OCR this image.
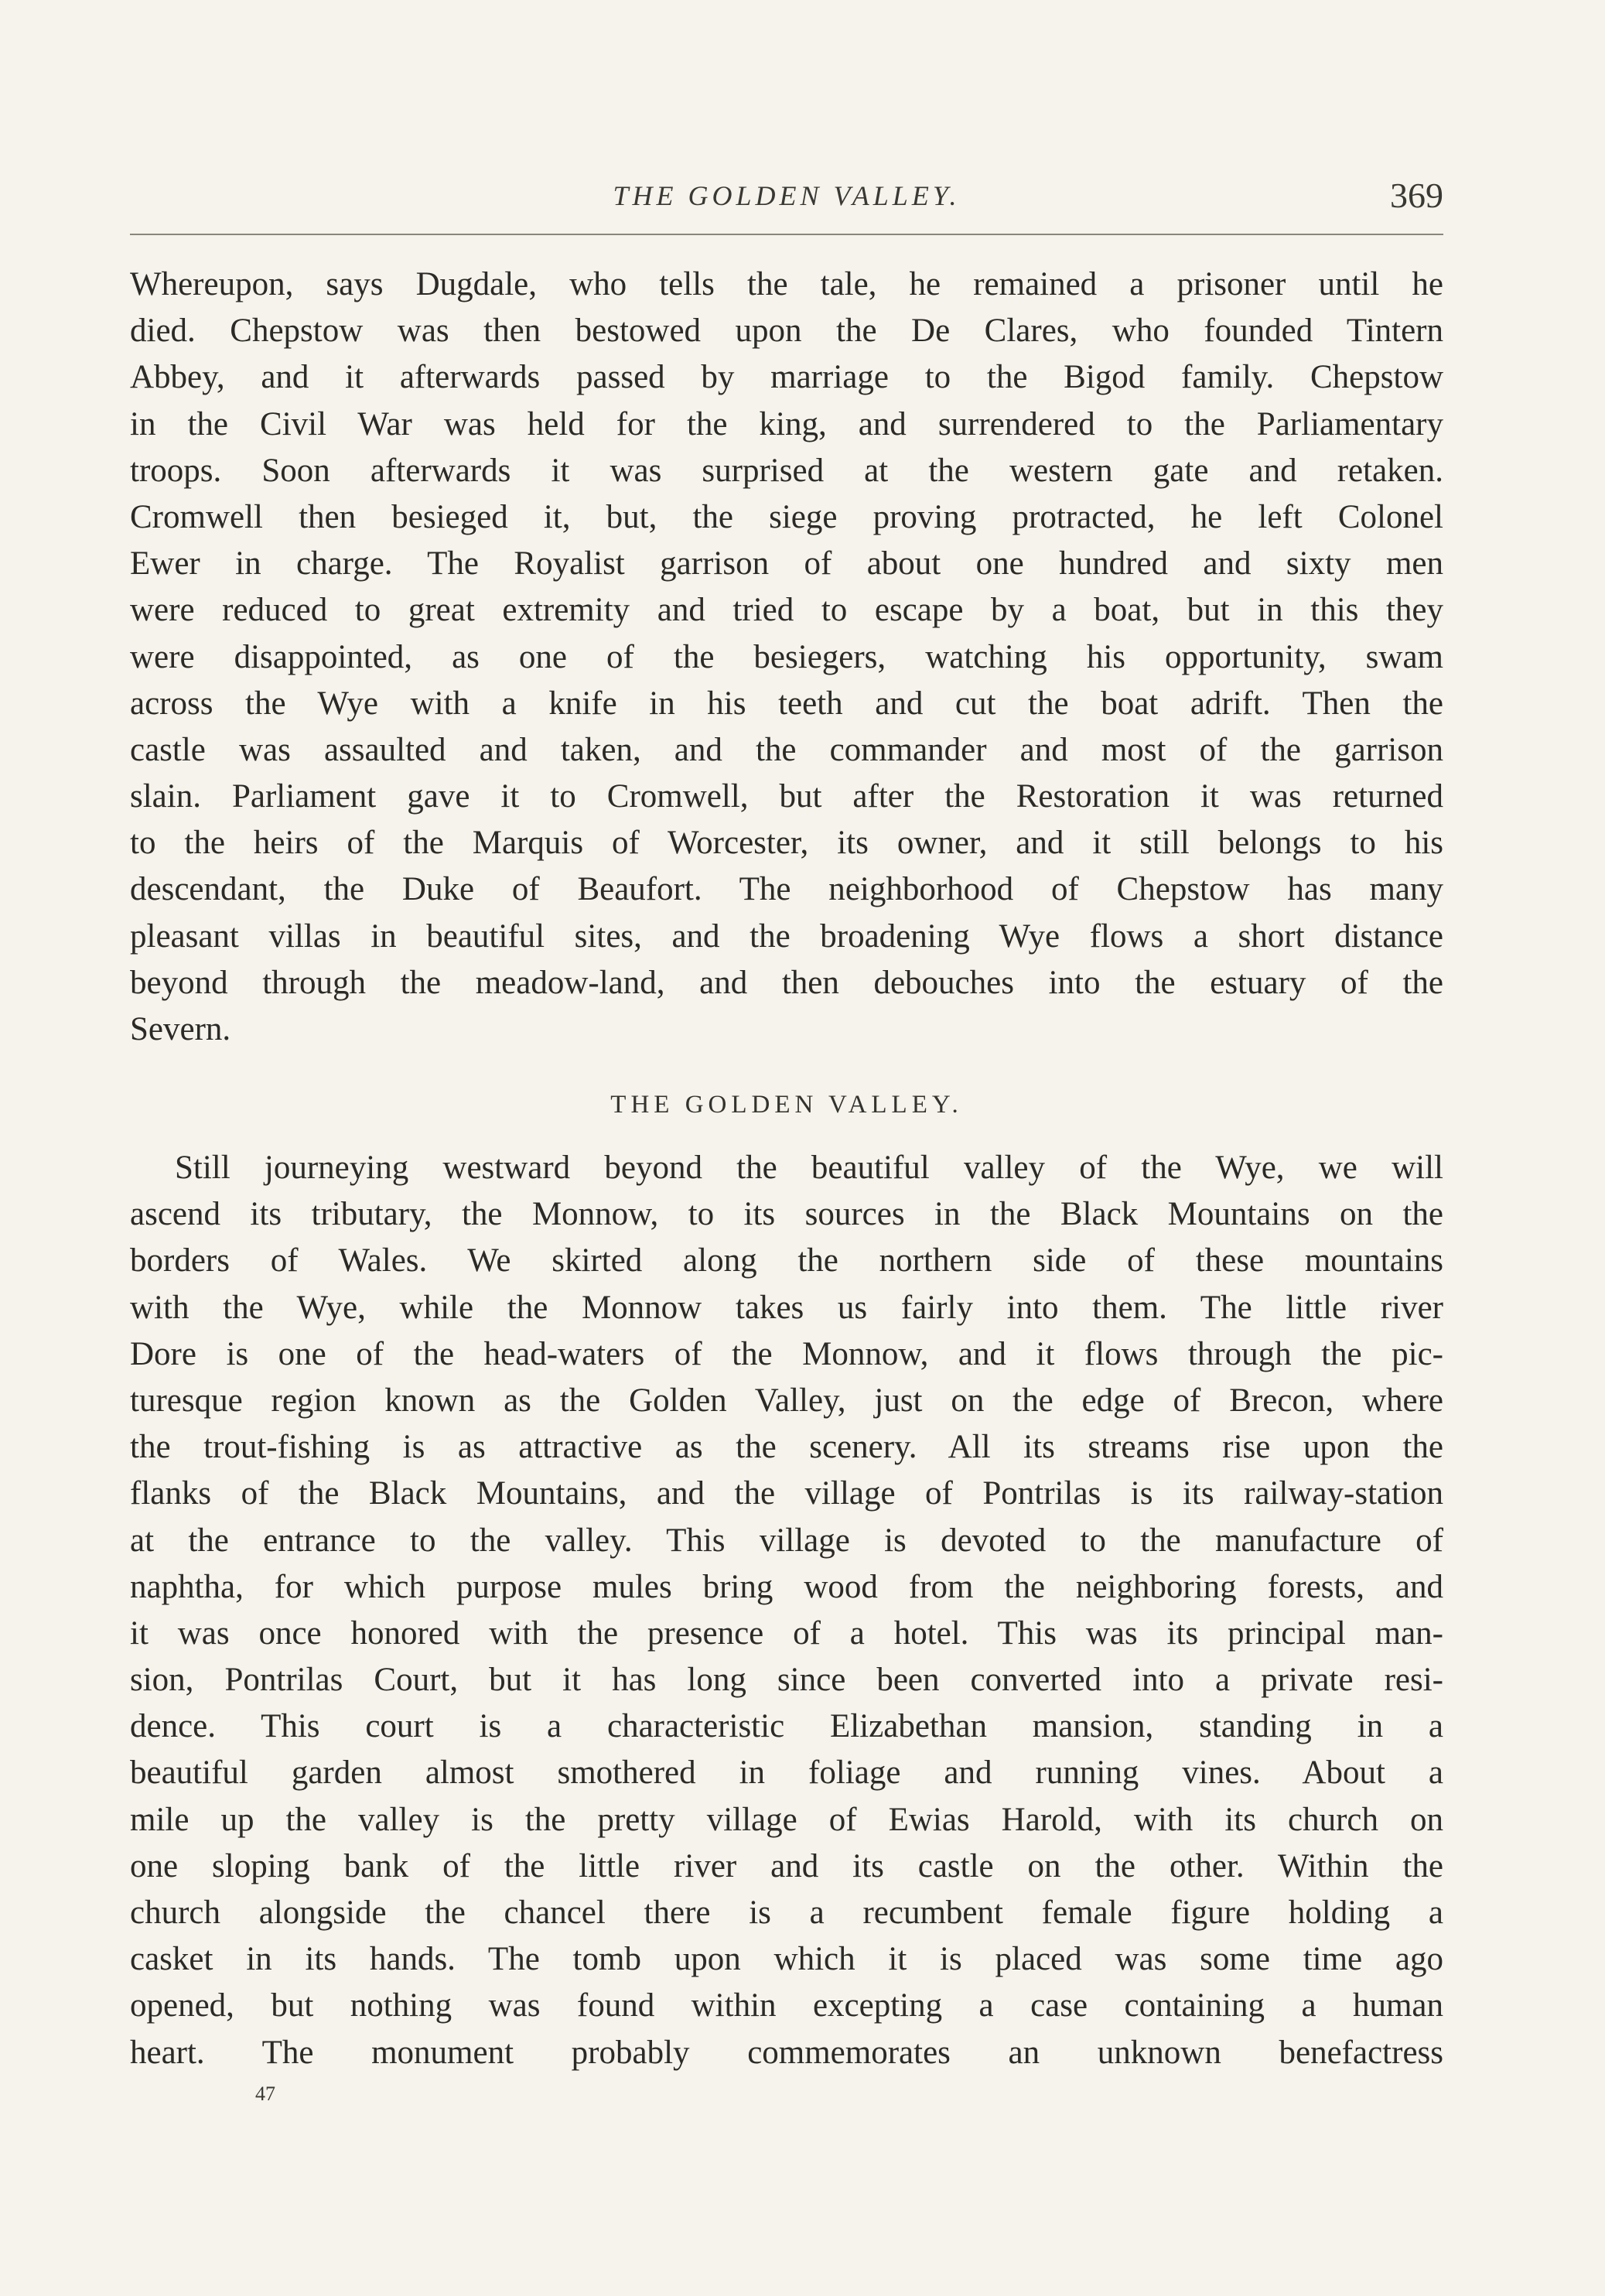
THE GOLDEN VALLEY.	369
Whereupon, says Dugdale, who tells the tale, he remained a prisoner until he
died. Chepstow was then bestowed upon the De Clares, who founded Tintern
Abbey, and it afterwards passed by marriage to the Bigod family. Chepstow
in the Civil War was held for the king, and surrendered to the Parliamentary
troops. Soon afterwards it was surprised at the western gate and retaken.
Cromwell then besieged it, but, the siege proving protracted, he left Colonel
Ewer in charge. The Royalist garrison of about one hundred and sixty men
were reduced to great extremity and tried to escape by a boat, but in this they
were disappointed, as one of the besiegers, watching his opportunity, swam
across the Wye with a knife in his teeth and cut the boat adrift. Then the
castle was assaulted and taken, and the commander and most of the garrison
slain. Parliament gave it to Cromwell, but after the Restoration it was returned
to the heirs of the Marquis of Worcester, its owner, and it still belongs to his
descendant, the Duke of Beaufort. The neighborhood of Chepstow has many
pleasant villas in beautiful sites, and the broadening Wye flows a short distance
beyond through the meadow-land, and then debouches into the estuary of the
Severn.
THE GOLDEN VALLEY.
Still journeying westward beyond the beautiful valley of the Wye, we will
ascend its tributary, the Monnow, to its sources in the Black Mountains on the
borders of Wales. We skirted along the northern side of these mountains
with the Wye, while the Monnow takes us fairly into them. The little river
Dore is one of the head-waters of the Monnow, and it flows through the pic-
turesque region known as the Golden Valley, just on the edge of Brecon, where
the trout-fishing is as attractive as the scenery. All its streams rise upon the
flanks of the Black Mountains, and the village of Pontrilas is its railway-station
at the entrance to the valley. This village is devoted to the manufacture of
naphtha, for which purpose mules bring wood from the neighboring forests, and
it was once honored with the presence of a hotel. This was its principal man-
sion, Pontrilas Court, but it has long since been converted into a private resi-
dence. This court is a characteristic Elizabethan mansion, standing in a
beautiful garden almost smothered in foliage and running vines. About a
mile up the valley is the pretty village of Ewias Harold, with its church on
one sloping bank of the little river and its castle on the other. Within the
church alongside the chancel there is a recumbent female figure holding a
casket in its hands. The tomb upon which it is placed was some time ago
opened, but nothing was found within excepting a case containing a human
heart. The monument probably commemorates an unknown benefactress
47
